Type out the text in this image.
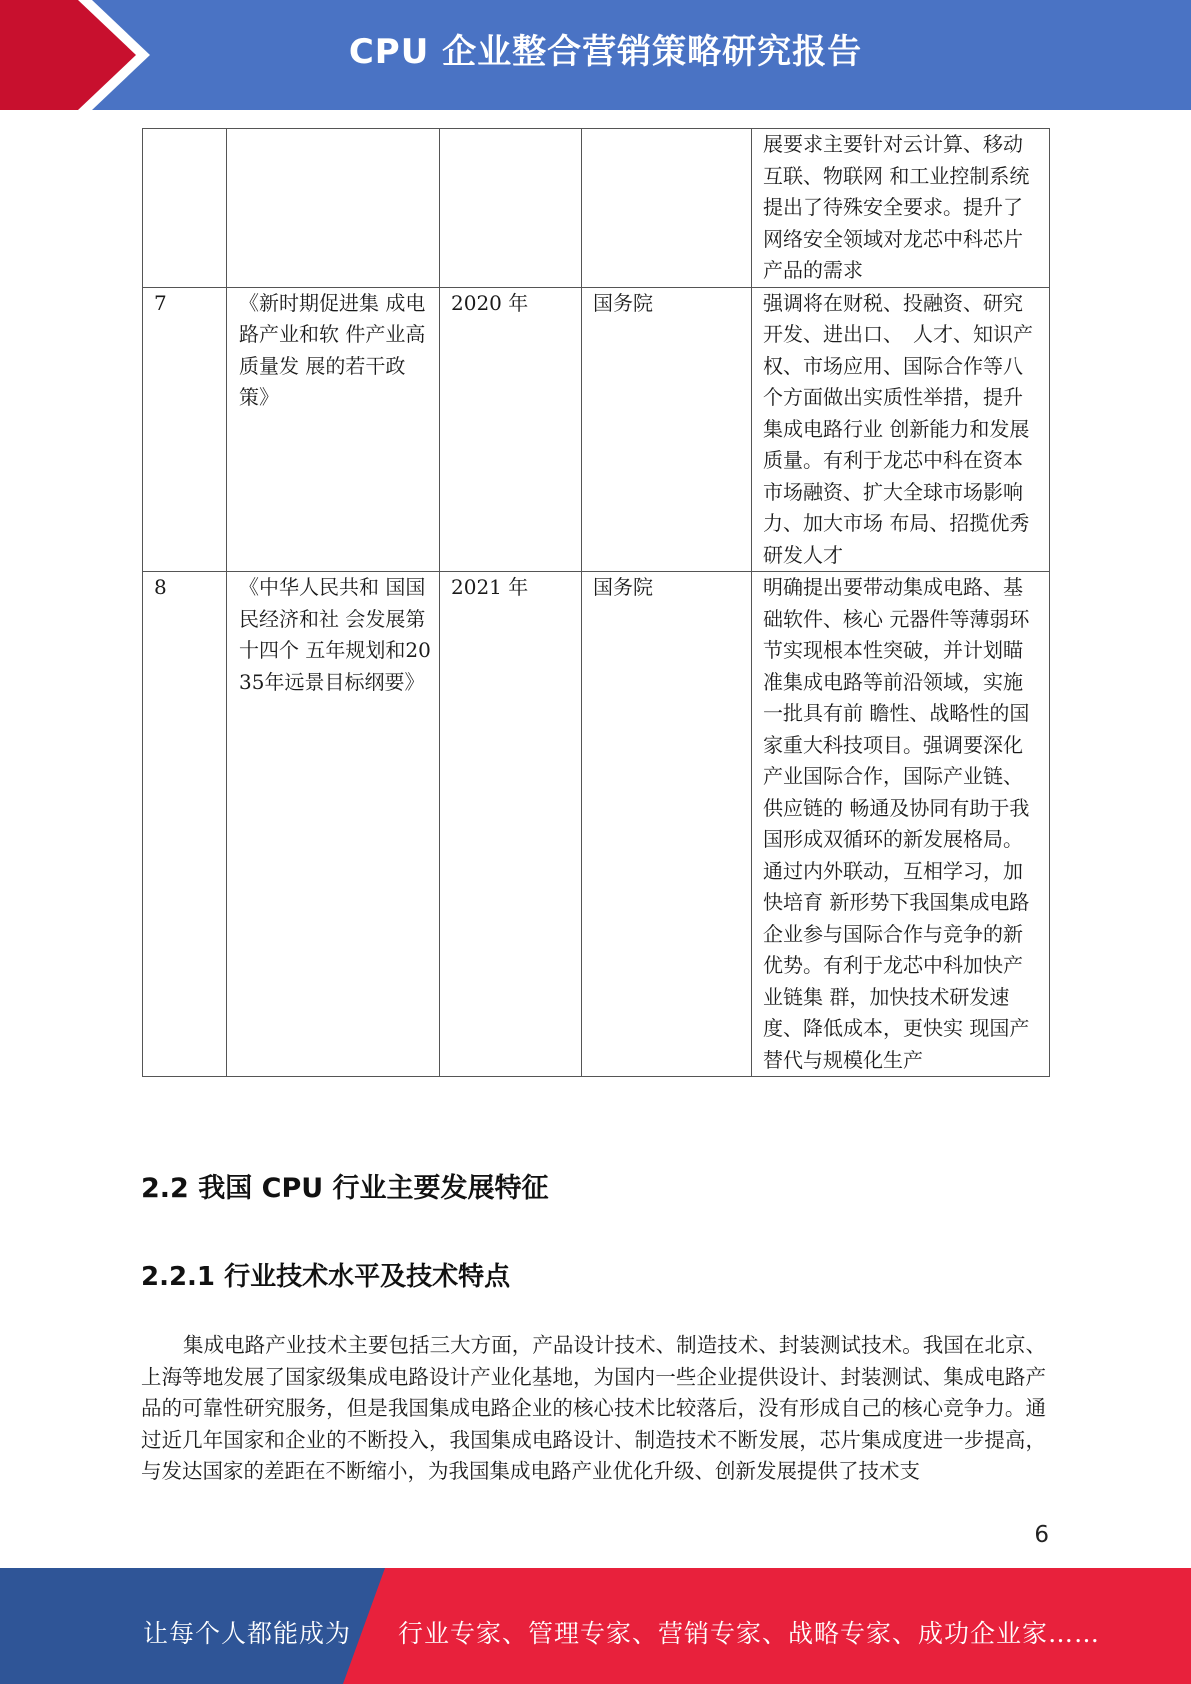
CPU 企业整合营销策略研究报告
				展要求主要针对云计算、移动互联、物联网 和工业控制系统提出了待殊安全要求。提升了网络安全领域对龙芯中科芯片产品的需求
7	《新时期促进集 成电路产业和软 件产业高质量发 展的若干政策》	2020 年	国务院	强调将在财税、投融资、研究开发、进出口、　人才、知识产权、市场应用、国际合作等八 个方面做出实质性举措，提升集成电路行业 创新能力和发展质量。有利于龙芯中科在资本 市场融资、扩大全球市场影响力、加大市场 布局、招揽优秀研发人才
8	《中华人民共和 国国民经济和社 会发展第十四个 五年规划和2035年远景目标纲要》	2021 年	国务院	明确提出要带动集成电路、基础软件、核心 元器件等薄弱环节实现根本性突破，并计划瞄准集成电路等前沿领域，实施一批具有前 瞻性、战略性的国家重大科技项目。强调要深化产业国际合作，国际产业链、供应链的 畅通及协同有助于我国形成双循环的新发展格局。通过内外联动，互相学习，加快培育 新形势下我国集成电路企业参与国际合作与竞争的新优势。有利于龙芯中科加快产业链集 群，加快技术研发速度、降低成本，更快实 现国产替代与规模化生产
2.2 我国 CPU 行业主要发展特征
2.2.1 行业技术水平及技术特点

集成电路产业技术主要包括三大方面，产品设计技术、制造技术、封装测试技术。我国在北京、上海等地发展了国家级集成电路设计产业化基地，为国内一些企业提供设计、封装测试、集成电路产品的可靠性研究服务，但是我国集成电路企业的核心技术比较落后，没有形成自己的核心竞争力。通过近几年国家和企业的不断投入，我国集成电路设计、制造技术不断发展，芯片集成度进一步提高，与发达国家的差距在不断缩小，为我国集成电路产业优化升级、创新发展提供了技术支

6
让每个人都能成为 行业专家、管理专家、营销专家、战略专家、成功企业家……
